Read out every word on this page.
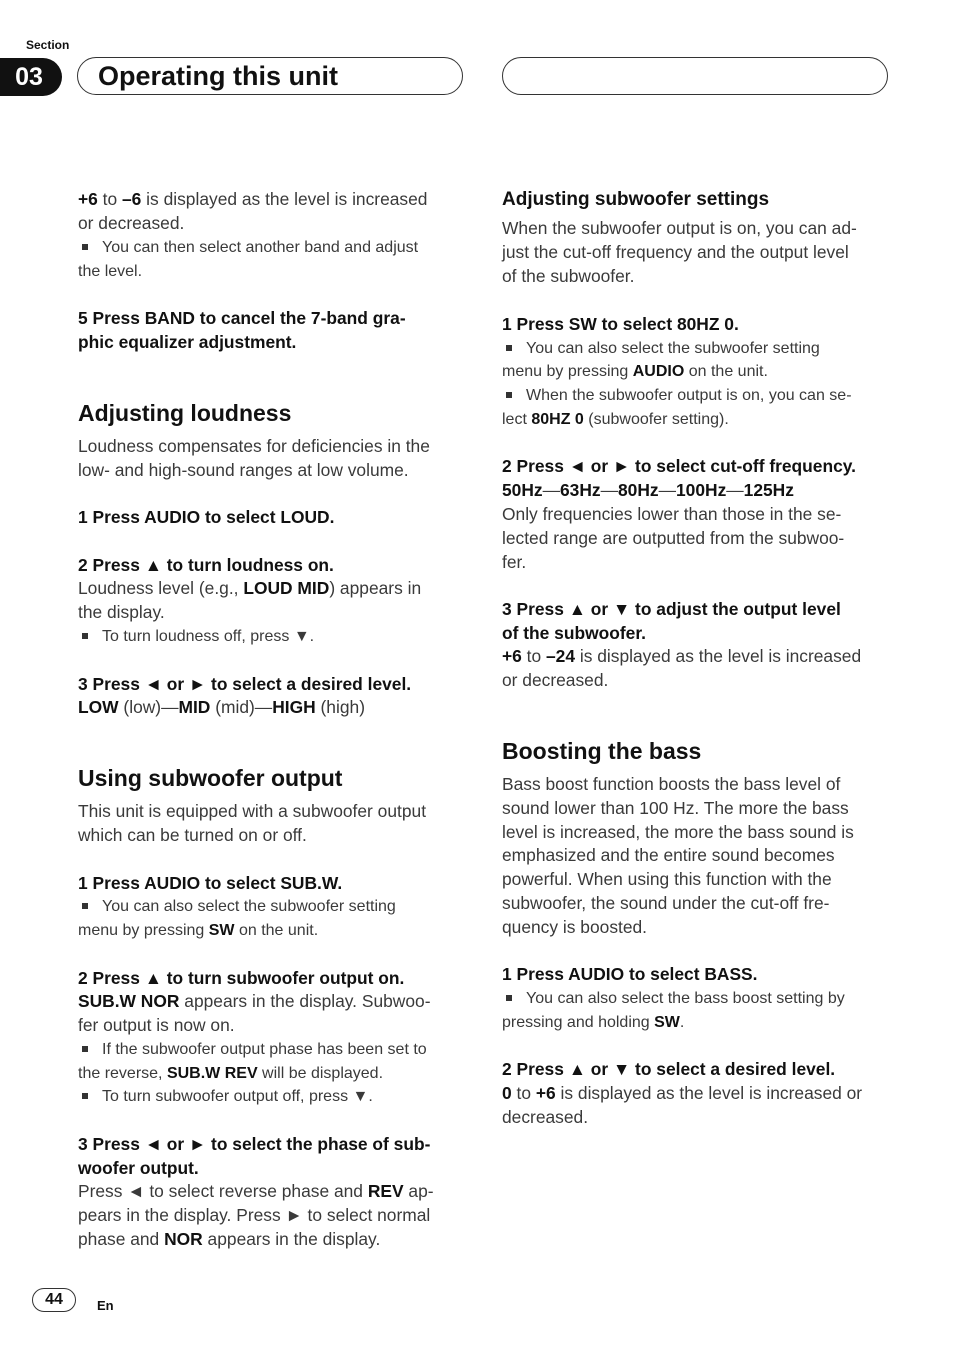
Section
03	Operating this unit
+6 to –6 is displayed as the level is increased
or decreased.
You can then select another band and adjust
the level.
5 Press BAND to cancel the 7-band gra-
phic equalizer adjustment.
Adjusting loudness
Loudness compensates for deficiencies in the
low- and high-sound ranges at low volume.
1 Press AUDIO to select LOUD.
2 Press ▲ to turn loudness on.
Loudness level (e.g., LOUD MID) appears in
the display.
To turn loudness off, press ▼.
3 Press ◄ or ► to select a desired level.
LOW (low)—MID (mid)—HIGH (high)
Using subwoofer output
This unit is equipped with a subwoofer output
which can be turned on or off.
1 Press AUDIO to select SUB.W.
You can also select the subwoofer setting
menu by pressing SW on the unit.
2 Press ▲ to turn subwoofer output on.
SUB.W NOR appears in the display. Subwoo-
fer output is now on.
If the subwoofer output phase has been set to
the reverse, SUB.W REV will be displayed.
To turn subwoofer output off, press ▼.
3 Press ◄ or ► to select the phase of sub-
woofer output.
Press ◄ to select reverse phase and REV ap-
pears in the display. Press ► to select normal
phase and NOR appears in the display.
Adjusting subwoofer settings
When the subwoofer output is on, you can ad-
just the cut-off frequency and the output level
of the subwoofer.
1 Press SW to select 80HZ 0.
You can also select the subwoofer setting
menu by pressing AUDIO on the unit.
When the subwoofer output is on, you can se-
lect 80HZ 0 (subwoofer setting).
2 Press ◄ or ► to select cut-off frequency.
50Hz—63Hz—80Hz—100Hz—125Hz
Only frequencies lower than those in the se-
lected range are outputted from the subwoo-
fer.
3 Press ▲ or ▼ to adjust the output level
of the subwoofer.
+6 to –24 is displayed as the level is increased
or decreased.
Boosting the bass
Bass boost function boosts the bass level of
sound lower than 100 Hz. The more the bass
level is increased, the more the bass sound is
emphasized and the entire sound becomes
powerful. When using this function with the
subwoofer, the sound under the cut-off fre-
quency is boosted.
1 Press AUDIO to select BASS.
You can also select the bass boost setting by
pressing and holding SW.
2 Press ▲ or ▼ to select a desired level.
0 to +6 is displayed as the level is increased or
decreased.
44	En
